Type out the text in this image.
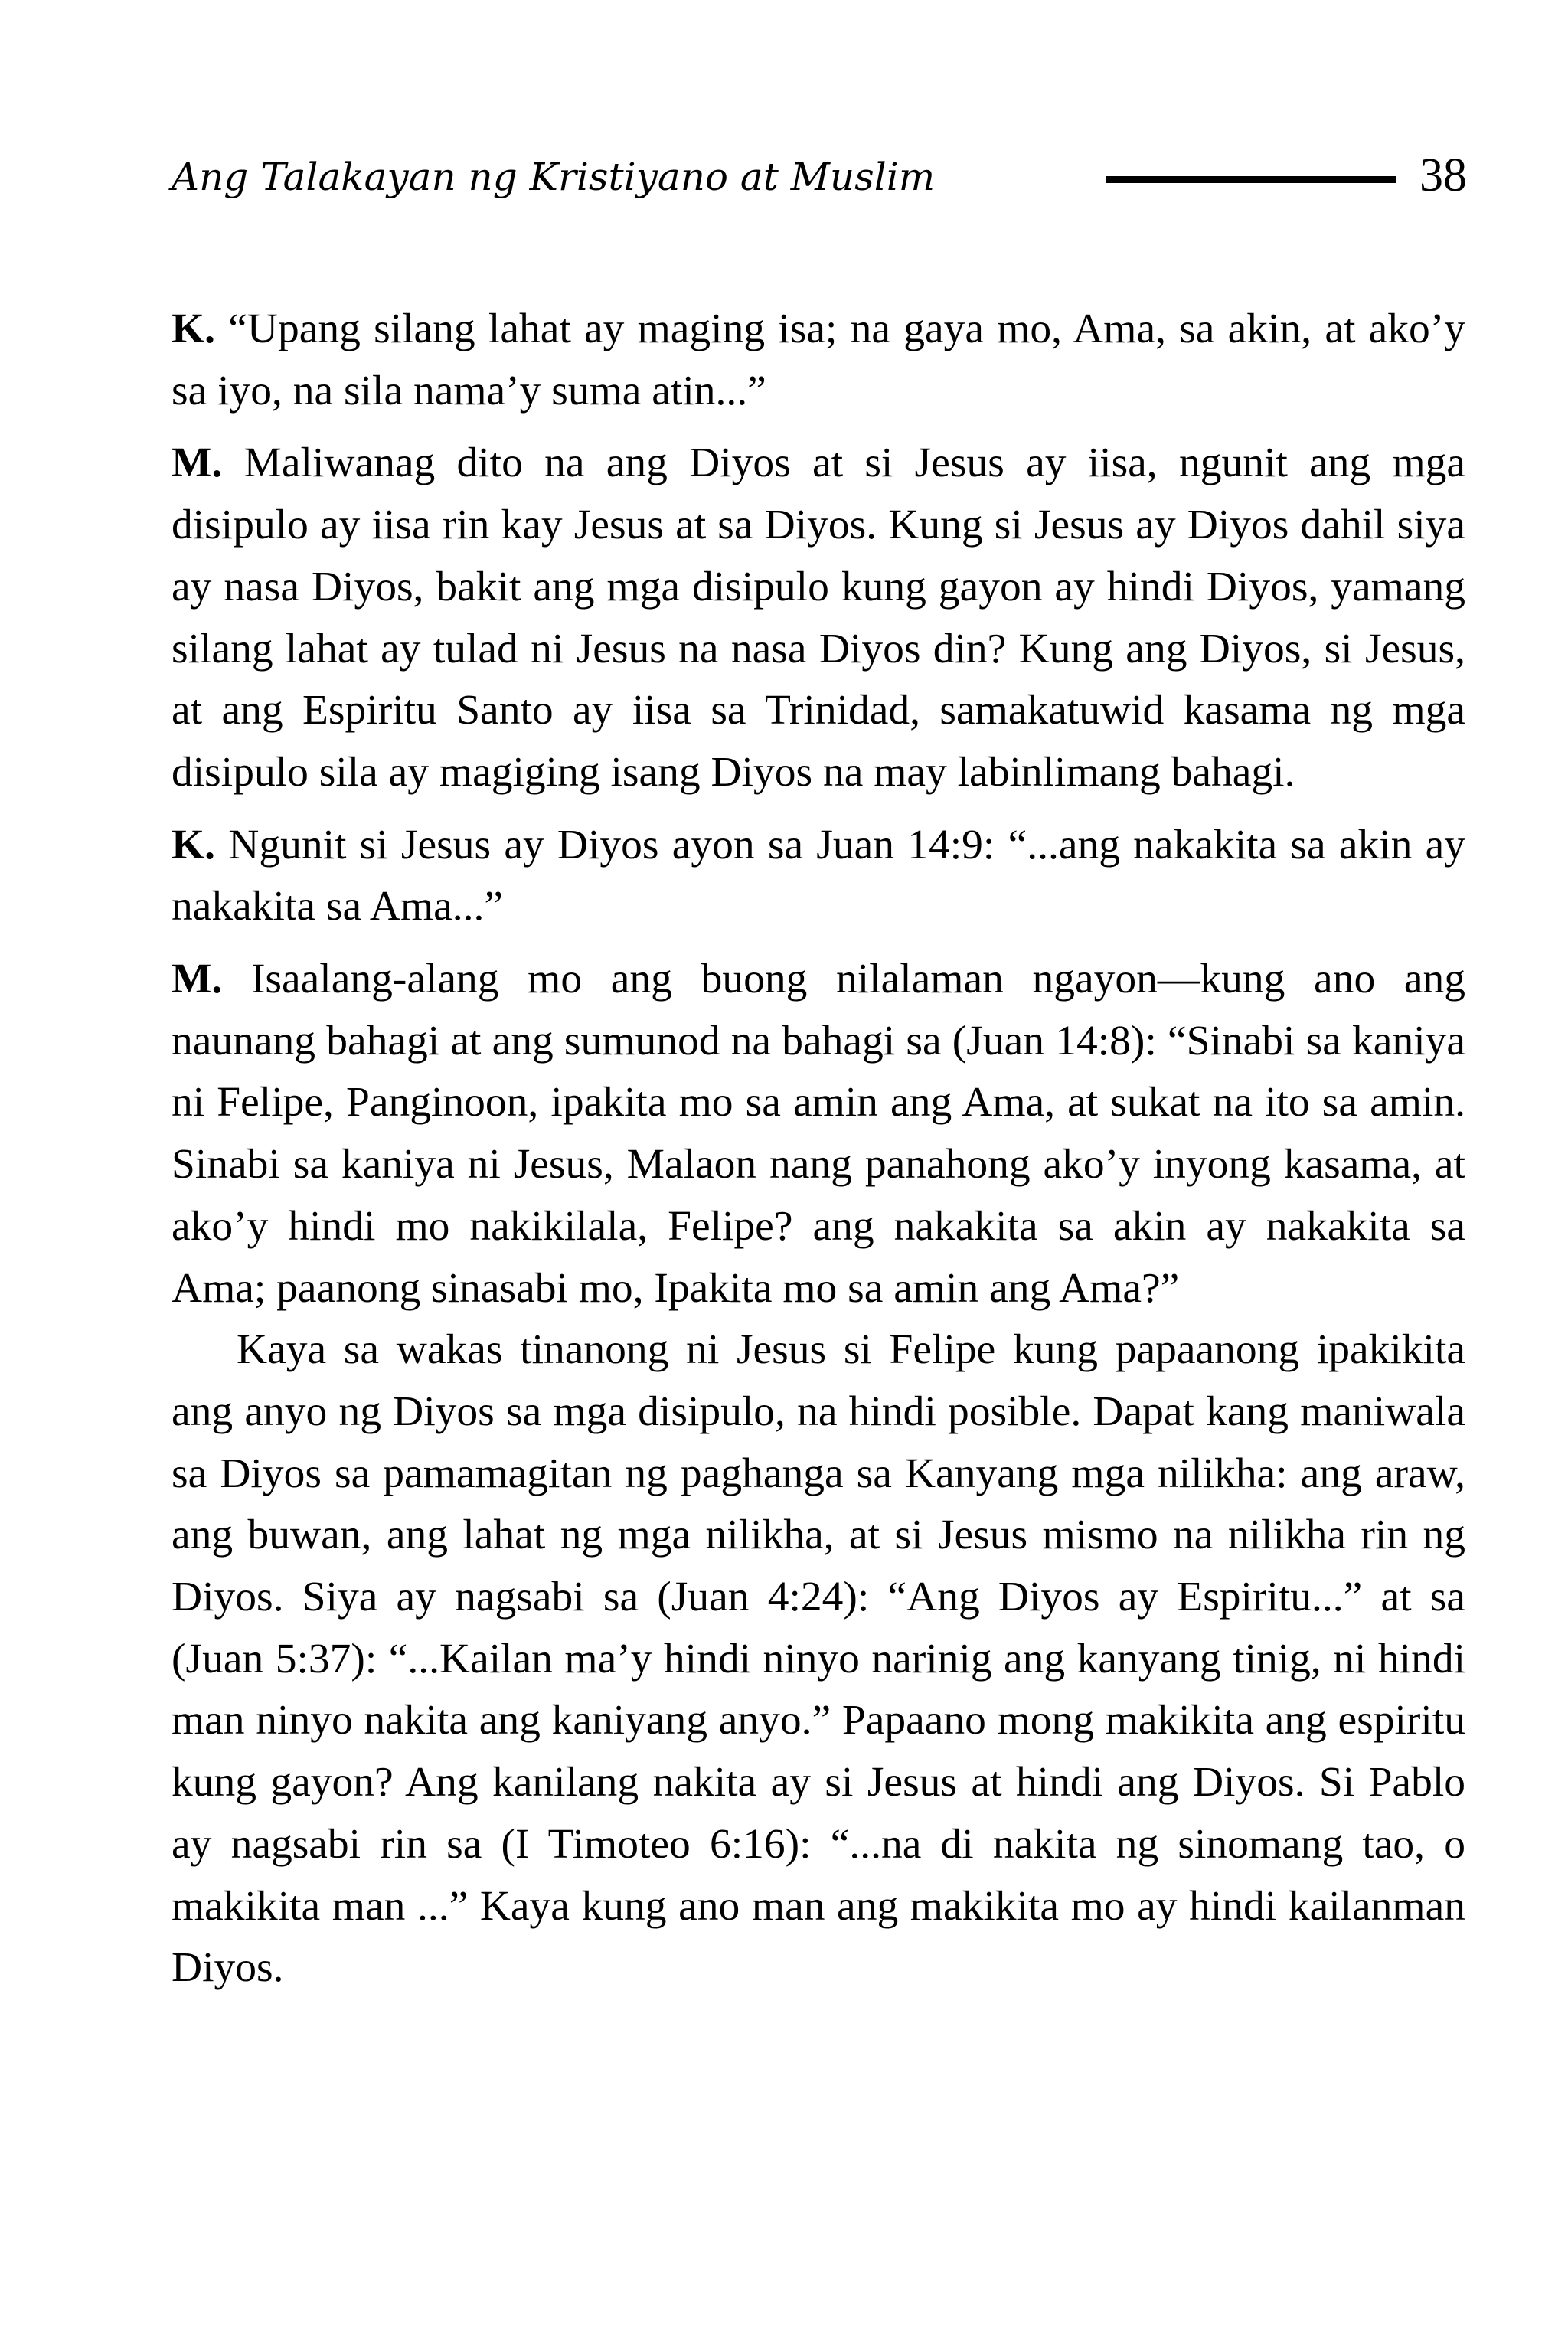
Ang Talakayan ng Kristiyano at Muslim	38

K. “Upang silang lahat ay maging isa; na gaya mo, Ama, sa akin, at ako’y sa iyo, na sila nama’y suma atin...”

M. Maliwanag dito na ang Diyos at si Jesus ay iisa, ngunit ang mga disipulo ay iisa rin kay Jesus at sa Diyos. Kung si Jesus ay Diyos dahil siya ay nasa Diyos, bakit ang mga disipulo kung gayon ay hindi Diyos, yamang silang lahat ay tulad ni Jesus na nasa Diyos din? Kung ang Diyos, si Jesus, at ang Espiritu Santo ay iisa sa Trinidad, samakatuwid kasama ng mga disipulo sila ay magiging isang Diyos na may labinlimang bahagi.

K. Ngunit si Jesus ay Diyos ayon sa Juan 14:9: “...ang nakakita sa akin ay nakakita sa Ama...”

M. Isaalang-alang mo ang buong nilalaman ngayon—kung ano ang naunang bahagi at ang sumunod na bahagi sa (Juan 14:8): “Sinabi sa kaniya ni Felipe, Panginoon, ipakita mo sa amin ang Ama, at sukat na ito sa amin. Sinabi sa kaniya ni Jesus, Malaon nang panahong ako’y inyong kasama, at ako’y hindi mo nakikilala, Felipe? ang nakakita sa akin ay nakakita sa Ama; paanong sinasabi mo, Ipakita mo sa amin ang Ama?”

Kaya sa wakas tinanong ni Jesus si Felipe kung papaanong ipakikita ang anyo ng Diyos sa mga disipulo, na hindi posible. Dapat kang maniwala sa Diyos sa pamamagitan ng paghanga sa Kanyang mga nilikha: ang araw, ang buwan, ang lahat ng mga nilikha, at si Jesus mismo na nilikha rin ng Diyos. Siya ay nagsabi sa (Juan 4:24): “Ang Diyos ay Espiritu...” at sa (Juan 5:37): “...Kailan ma’y hindi ninyo narinig ang kanyang tinig, ni hindi man ninyo nakita ang kaniyang anyo.” Papaano mong makikita ang espiritu kung gayon? Ang kanilang nakita ay si Jesus at hindi ang Diyos. Si Pablo ay nagsabi rin sa (I Timoteo 6:16): “...na di nakita ng sinomang tao, o makikita man ...” Kaya kung ano man ang makikita mo ay hindi kailanman Diyos.
